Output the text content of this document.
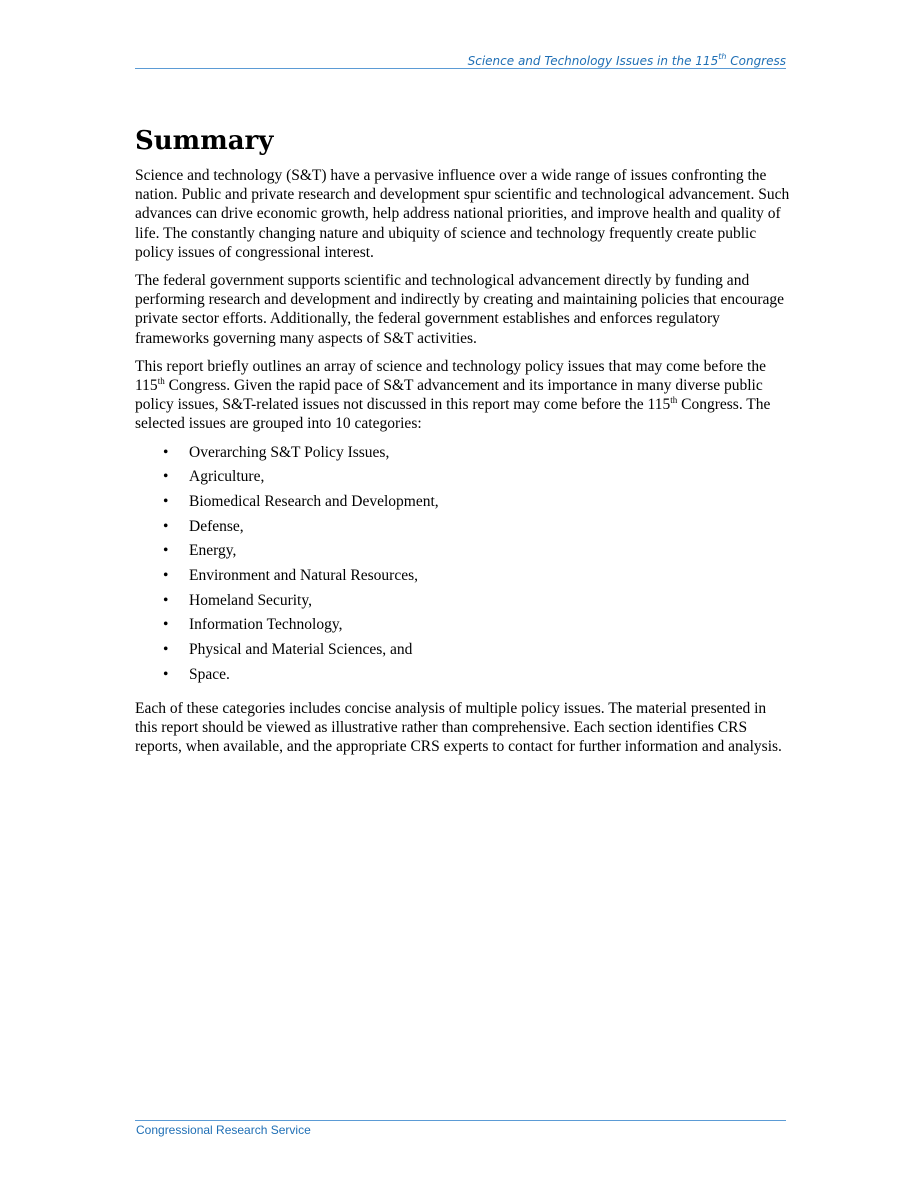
Science and Technology Issues in the 115th Congress
Summary

Science and technology (S&T) have a pervasive influence over a wide range of issues confronting the nation. Public and private research and development spur scientific and technological advancement. Such advances can drive economic growth, help address national priorities, and improve health and quality of life. The constantly changing nature and ubiquity of science and technology frequently create public policy issues of congressional interest.

The federal government supports scientific and technological advancement directly by funding and performing research and development and indirectly by creating and maintaining policies that encourage private sector efforts. Additionally, the federal government establishes and enforces regulatory frameworks governing many aspects of S&T activities.

This report briefly outlines an array of science and technology policy issues that may come before the 115th Congress. Given the rapid pace of S&T advancement and its importance in many diverse public policy issues, S&T-related issues not discussed in this report may come before the 115th Congress. The selected issues are grouped into 10 categories:

• Overarching S&T Policy Issues,
• Agriculture,
• Biomedical Research and Development,
• Defense,
• Energy,
• Environment and Natural Resources,
• Homeland Security,
• Information Technology,
• Physical and Material Sciences, and
• Space.

Each of these categories includes concise analysis of multiple policy issues. The material presented in this report should be viewed as illustrative rather than comprehensive. Each section identifies CRS reports, when available, and the appropriate CRS experts to contact for further information and analysis.

Congressional Research Service
